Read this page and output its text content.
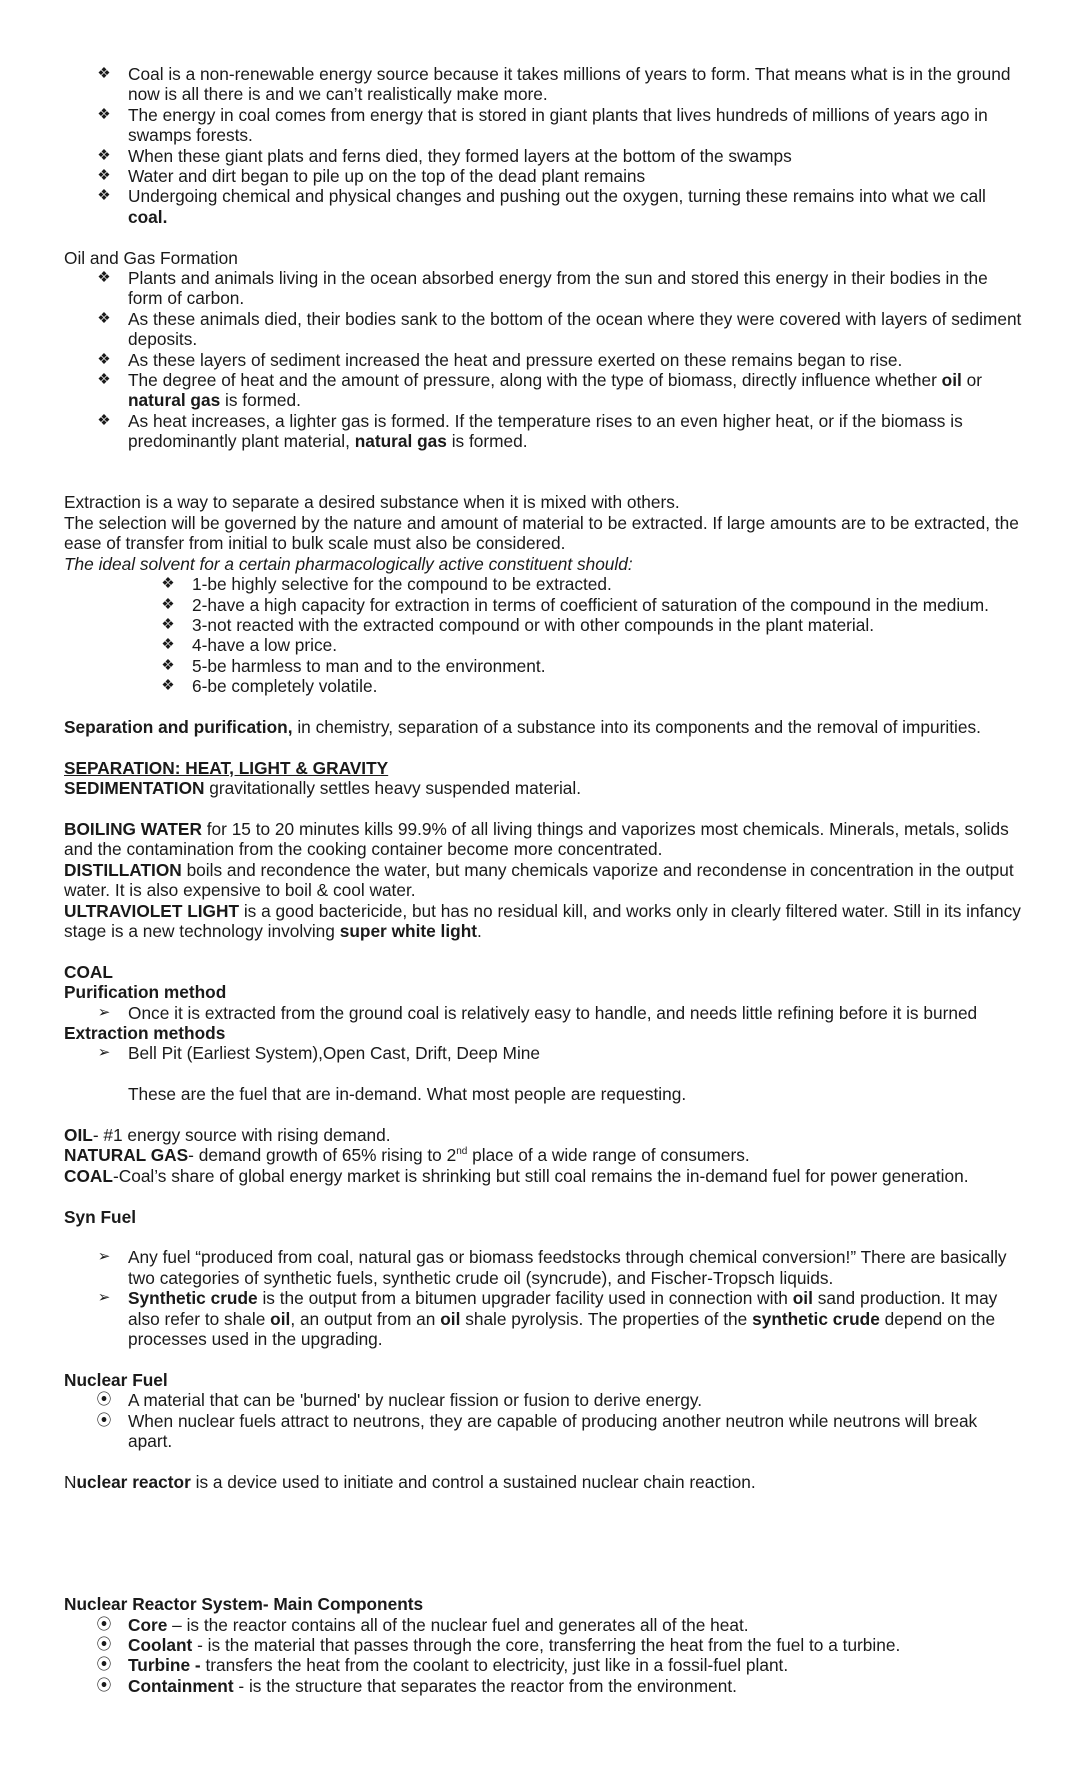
❖ Coal is a non-renewable energy source because it takes millions of years to form. That means what is in the ground now is all there is and we can’t realistically make more.
❖ The energy in coal comes from energy that is stored in giant plants that lives hundreds of millions of years ago in swamps forests.
❖ When these giant plats and ferns died, they formed layers at the bottom of the swamps
❖ Water and dirt began to pile up on the top of the dead plant remains
❖ Undergoing chemical and physical changes and pushing out the oxygen, turning these remains into what we call
coal.

Oil and Gas Formation

❖ Plants and animals living in the ocean absorbed energy from the sun and stored this energy in their bodies in the form of carbon.
❖ As these animals died, their bodies sank to the bottom of the ocean where they were covered with layers of sediment deposits.
❖ As these layers of sediment increased the heat and pressure exerted on these remains began to rise.
❖ The degree of heat and the amount of pressure, along with the type of biomass, directly influence whether oil or
natural gas is formed.
❖ As heat increases, a lighter gas is formed. If the temperature rises to an even higher heat, or if the biomass is predominantly plant material, natural gas is formed.

Extraction is a way to separate a desired substance when it is mixed with others.

The selection will be governed by the nature and amount of material to be extracted. If large amounts are to be extracted, the ease of transfer from initial to bulk scale must also be considered.

The ideal solvent for a certain pharmacologically active constituent should:

❖ 1-be highly selective for the compound to be extracted.
❖ 2-have a high capacity for extraction in terms of coefficient of saturation of the compound in the medium.
❖ 3-not reacted with the extracted compound or with other compounds in the plant material.
❖ 4-have a low price.
❖ 5-be harmless to man and to the environment.
❖ 6-be completely volatile.

Separation and purification, in chemistry, separation of a substance into its components and the removal of impurities.

SEPARATION: HEAT, LIGHT & GRAVITY

SEDIMENTATION gravitationally settles heavy suspended material.

BOILING WATER for 15 to 20 minutes kills 99.9% of all living things and vaporizes most chemicals. Minerals, metals, solids and the contamination from the cooking container become more concentrated.

DISTILLATION boils and recondence the water, but many chemicals vaporize and recondense in concentration in the output water. It is also expensive to boil & cool water.

ULTRAVIOLET LIGHT is a good bactericide, but has no residual kill, and works only in clearly filtered water. Still in its infancy stage is a new technology involving super white light.

COAL

Purification method

➢ Once it is extracted from the ground coal is relatively easy to handle, and needs little refining before it is burned

Extraction methods

➢ Bell Pit (Earliest System),Open Cast, Drift, Deep Mine

These are the fuel that are in-demand. What most people are requesting.

OIL- #1 energy source with rising demand.

NATURAL GAS- demand growth of 65% rising to 2nd place of a wide range of consumers.

COAL-Coal’s share of global energy market is shrinking but still coal remains the in-demand fuel for power generation.

Syn Fuel

➢ Any fuel “produced from coal, natural gas or biomass feedstocks through chemical conversion!” There are basically two categories of synthetic fuels, synthetic crude oil (syncrude), and Fischer-Tropsch liquids.
➢ Synthetic crude is the output from a bitumen upgrader facility used in connection with oil sand production. It may also refer to shale oil, an output from an oil shale pyrolysis. The properties of the synthetic crude depend on the processes used in the upgrading.

Nuclear Fuel

⦿ A material that can be 'burned' by nuclear fission or fusion to derive energy.
⦿ When nuclear fuels attract to neutrons, they are capable of producing another neutron while neutrons will break apart.

Nuclear reactor is a device used to initiate and control a sustained nuclear chain reaction.

Nuclear Reactor System- Main Components

⦿ Core – is the reactor contains all of the nuclear fuel and generates all of the heat.
⦿ Coolant - is the material that passes through the core, transferring the heat from the fuel to a turbine.
⦿ Turbine - transfers the heat from the coolant to electricity, just like in a fossil-fuel plant.
⦿ Containment - is the structure that separates the reactor from the environment.
